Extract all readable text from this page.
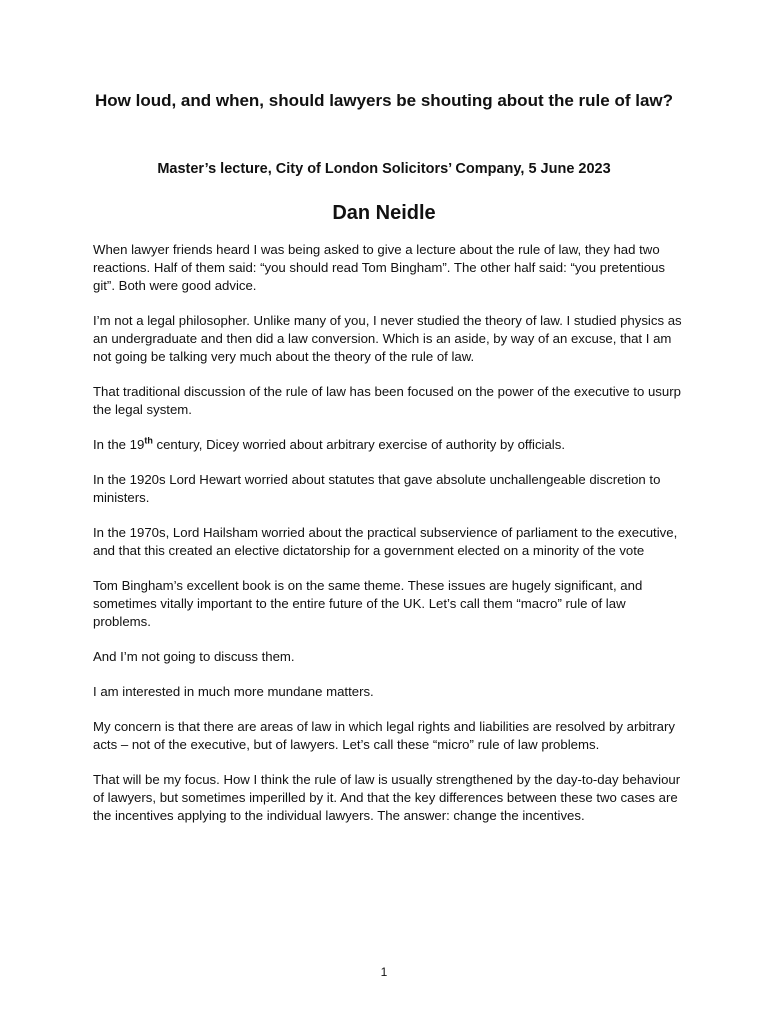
How loud, and when, should lawyers be shouting about the rule of law?
Master’s lecture, City of London Solicitors’ Company, 5 June 2023
Dan Neidle

When lawyer friends heard I was being asked to give a lecture about the rule of law, they had two reactions. Half of them said: “you should read Tom Bingham”. The other half said: “you pretentious git”. Both were good advice.

I’m not a legal philosopher. Unlike many of you, I never studied the theory of law. I studied physics as an undergraduate and then did a law conversion. Which is an aside, by way of an excuse, that I am not going be talking very much about the theory of the rule of law.

That traditional discussion of the rule of law has been focused on the power of the executive to usurp the legal system.

In the 19th century, Dicey worried about arbitrary exercise of authority by officials.

In the 1920s Lord Hewart worried about statutes that gave absolute unchallengeable discretion to ministers.

In the 1970s, Lord Hailsham worried about the practical subservience of parliament to the executive, and that this created an elective dictatorship for a government elected on a minority of the vote

Tom Bingham’s excellent book is on the same theme. These issues are hugely significant, and sometimes vitally important to the entire future of the UK. Let’s call them “macro” rule of law problems.

And I’m not going to discuss them.

I am interested in much more mundane matters.

My concern is that there are areas of law in which legal rights and liabilities are resolved by arbitrary acts – not of the executive, but of lawyers. Let’s call these “micro” rule of law problems.

That will be my focus. How I think the rule of law is usually strengthened by the day-to-day behaviour of lawyers, but sometimes imperilled by it. And that the key differences between these two cases are the incentives applying to the individual lawyers. The answer: change the incentives.

1
